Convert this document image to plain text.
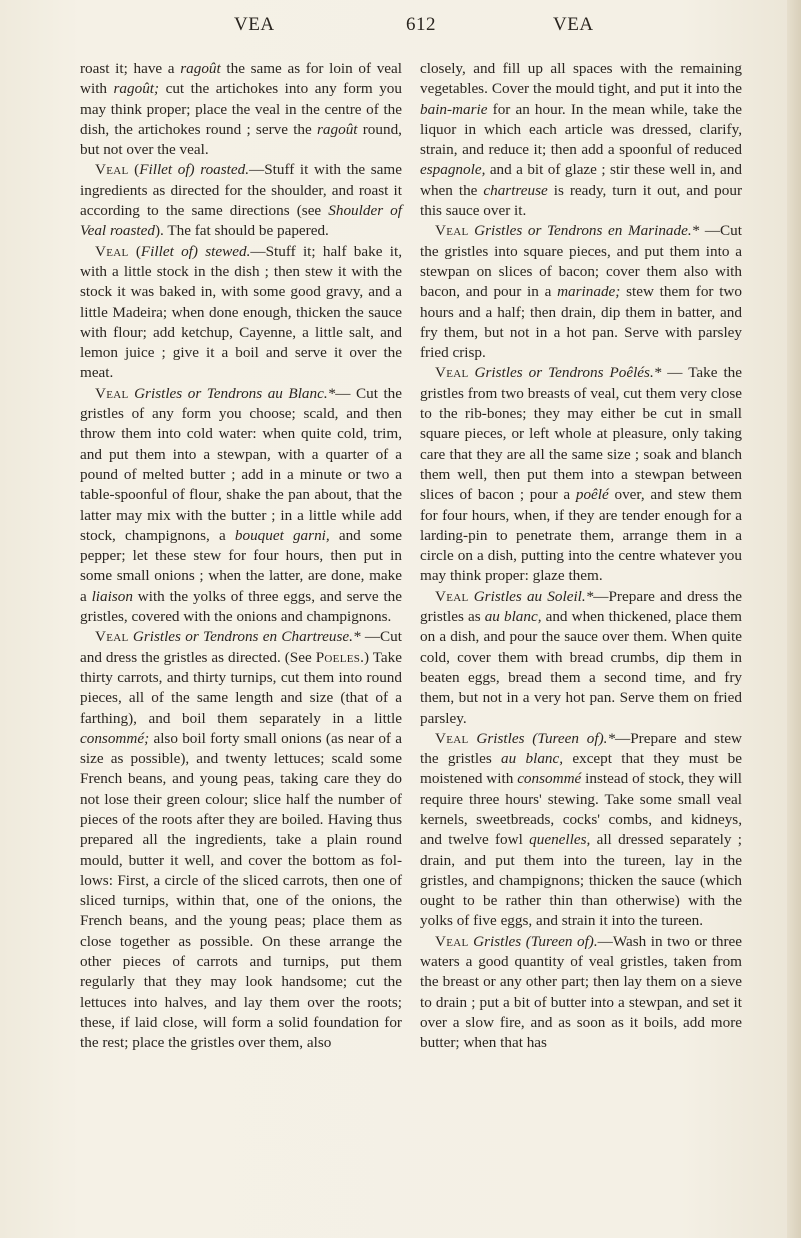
VEA	612	VEA

roast it; have a ragoût the same as for loin of veal with ragoût; cut the artichokes into any form you may think proper; place the veal in the centre of the dish, the artichokes round ; serve the ragoût round, but not over the veal.

Veal (Fillet of) roasted.—Stuff it with the same ingredients as directed for the shoulder, and roast it according to the same directions (see Shoulder of Veal roasted). The fat should be papered.

Veal (Fillet of) stewed.—Stuff it; half bake it, with a little stock in the dish ; then stew it with the stock it was baked in, with some good gravy, and a little Madeira; when done enough, thicken the sauce with flour; add ketchup, Cayenne, a little salt, and lemon juice ; give it a boil and serve it over the meat.

Veal Gristles or Tendrons au Blanc.*— Cut the gristles of any form you choose; scald, and then throw them into cold water: when quite cold, trim, and put them into a stewpan, with a quarter of a pound of melted butter ; add in a minute or two a table-spoonful of flour, shake the pan about, that the latter may mix with the butter ; in a little while add stock, champignons, a bouquet garni, and some pepper; let these stew for four hours, then put in some small onions ; when the latter, are done, make a liaison with the yolks of three eggs, and serve the gristles, covered with the onions and champignons.

Veal Gristles or Tendrons en Chartreuse.* —Cut and dress the gristles as directed. (See Poeles.) Take thirty carrots, and thirty turnips, cut them into round pieces, all of the same length and size (that of a farthing), and boil them separately in a little consommé; also boil forty small onions (as near of a size as possible), and twenty lettuces; scald some French beans, and young peas, taking care they do not lose their green colour; slice half the number of pieces of the roots after they are boiled. Having thus prepared all the ingredients, take a plain round mould, butter it well, and cover the bottom as follows: First, a circle of the sliced carrots, then one of sliced turnips, within that, one of the onions, the French beans, and the young peas; place them as close together as possible. On these arrange the other pieces of carrots and turnips, put them regularly that they may look handsome; cut the lettuces into halves, and lay them over the roots; these, if laid close, will form a solid foundation for the rest; place the gristles over them, also

closely, and fill up all spaces with the remaining vegetables. Cover the mould tight, and put it into the bain-marie for an hour. In the mean while, take the liquor in which each article was dressed, clarify, strain, and reduce it; then add a spoonful of reduced espagnole, and a bit of glaze ; stir these well in, and when the chartreuse is ready, turn it out, and pour this sauce over it.

Veal Gristles or Tendrons en Marinade.* —Cut the gristles into square pieces, and put them into a stewpan on slices of bacon; cover them also with bacon, and pour in a marinade; stew them for two hours and a half; then drain, dip them in batter, and fry them, but not in a hot pan. Serve with parsley fried crisp.

Veal Gristles or Tendrons Poêlés.* — Take the gristles from two breasts of veal, cut them very close to the rib-bones; they may either be cut in small square pieces, or left whole at pleasure, only taking care that they are all the same size ; soak and blanch them well, then put them into a stewpan between slices of bacon ; pour a poêlé over, and stew them for four hours, when, if they are tender enough for a larding-pin to penetrate them, arrange them in a circle on a dish, putting into the centre whatever you may think proper: glaze them.

Veal Gristles au Soleil.*—Prepare and dress the gristles as au blanc, and when thickened, place them on a dish, and pour the sauce over them. When quite cold, cover them with bread crumbs, dip them in beaten eggs, bread them a second time, and fry them, but not in a very hot pan. Serve them on fried parsley.

Veal Gristles (Tureen of).*—Prepare and stew the gristles au blanc, except that they must be moistened with consommé instead of stock, they will require three hours' stewing. Take some small veal kernels, sweetbreads, cocks' combs, and kidneys, and twelve fowl quenelles, all dressed separately ; drain, and put them into the tureen, lay in the gristles, and champignons; thicken the sauce (which ought to be rather thin than otherwise) with the yolks of five eggs, and strain it into the tureen.

Veal Gristles (Tureen of).—Wash in two or three waters a good quantity of veal gristles, taken from the breast or any other part; then lay them on a sieve to drain ; put a bit of butter into a stewpan, and set it over a slow fire, and as soon as it boils, add more butter; when that has
